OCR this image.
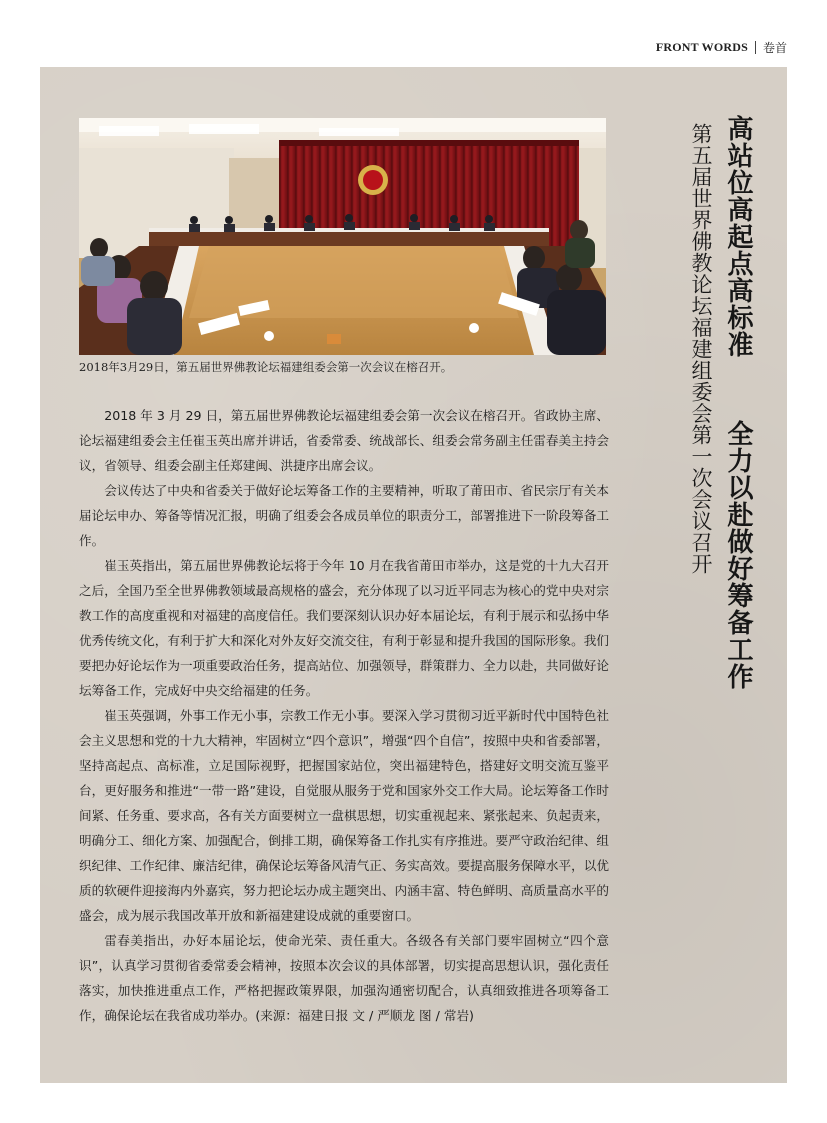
FRONT WORDS 卷首
2018年3月29日，第五届世界佛教论坛福建组委会第一次会议在榕召开。	高站位高起点高标准  全力以赴做好筹备工作
第五届世界佛教论坛福建组委会第一次会议召开

2018 年 3 月 29 日，第五届世界佛教论坛福建组委会第一次会议在榕召开。省政协主席、论坛福建组委会主任崔玉英出席并讲话，省委常委、统战部长、组委会常务副主任雷春美主持会议，省领导、组委会副主任郑建闽、洪捷序出席会议。

会议传达了中央和省委关于做好论坛筹备工作的主要精神，听取了莆田市、省民宗厅有关本届论坛申办、筹备等情况汇报，明确了组委会各成员单位的职责分工，部署推进下一阶段筹备工作。

崔玉英指出，第五届世界佛教论坛将于今年 10 月在我省莆田市举办，这是党的十九大召开之后，全国乃至全世界佛教领域最高规格的盛会，充分体现了以习近平同志为核心的党中央对宗教工作的高度重视和对福建的高度信任。我们要深刻认识办好本届论坛，有利于展示和弘扬中华优秀传统文化，有利于扩大和深化对外友好交流交往，有利于彰显和提升我国的国际形象。我们要把办好论坛作为一项重要政治任务，提高站位、加强领导，群策群力、全力以赴，共同做好论坛筹备工作，完成好中央交给福建的任务。

崔玉英强调，外事工作无小事，宗教工作无小事。要深入学习贯彻习近平新时代中国特色社会主义思想和党的十九大精神，牢固树立“四个意识”，增强“四个自信”，按照中央和省委部署，坚持高起点、高标准，立足国际视野，把握国家站位，突出福建特色，搭建好文明交流互鉴平台，更好服务和推进“一带一路”建设，自觉服从服务于党和国家外交工作大局。论坛筹备工作时间紧、任务重、要求高，各有关方面要树立一盘棋思想，切实重视起来、紧张起来、负起责来，明确分工、细化方案、加强配合，倒排工期，确保筹备工作扎实有序推进。要严守政治纪律、组织纪律、工作纪律、廉洁纪律，确保论坛筹备风清气正、务实高效。要提高服务保障水平，以优质的软硬件迎接海内外嘉宾，努力把论坛办成主题突出、内涵丰富、特色鲜明、高质量高水平的盛会，成为展示我国改革开放和新福建建设成就的重要窗口。

雷春美指出，办好本届论坛，使命光荣、责任重大。各级各有关部门要牢固树立“四个意识”，认真学习贯彻省委常委会精神，按照本次会议的具体部署，切实提高思想认识，强化责任落实，加快推进重点工作，严格把握政策界限，加强沟通密切配合，认真细致推进各项筹备工作，确保论坛在我省成功举办。(来源：福建日报 文 / 严顺龙 图 / 常岩)
